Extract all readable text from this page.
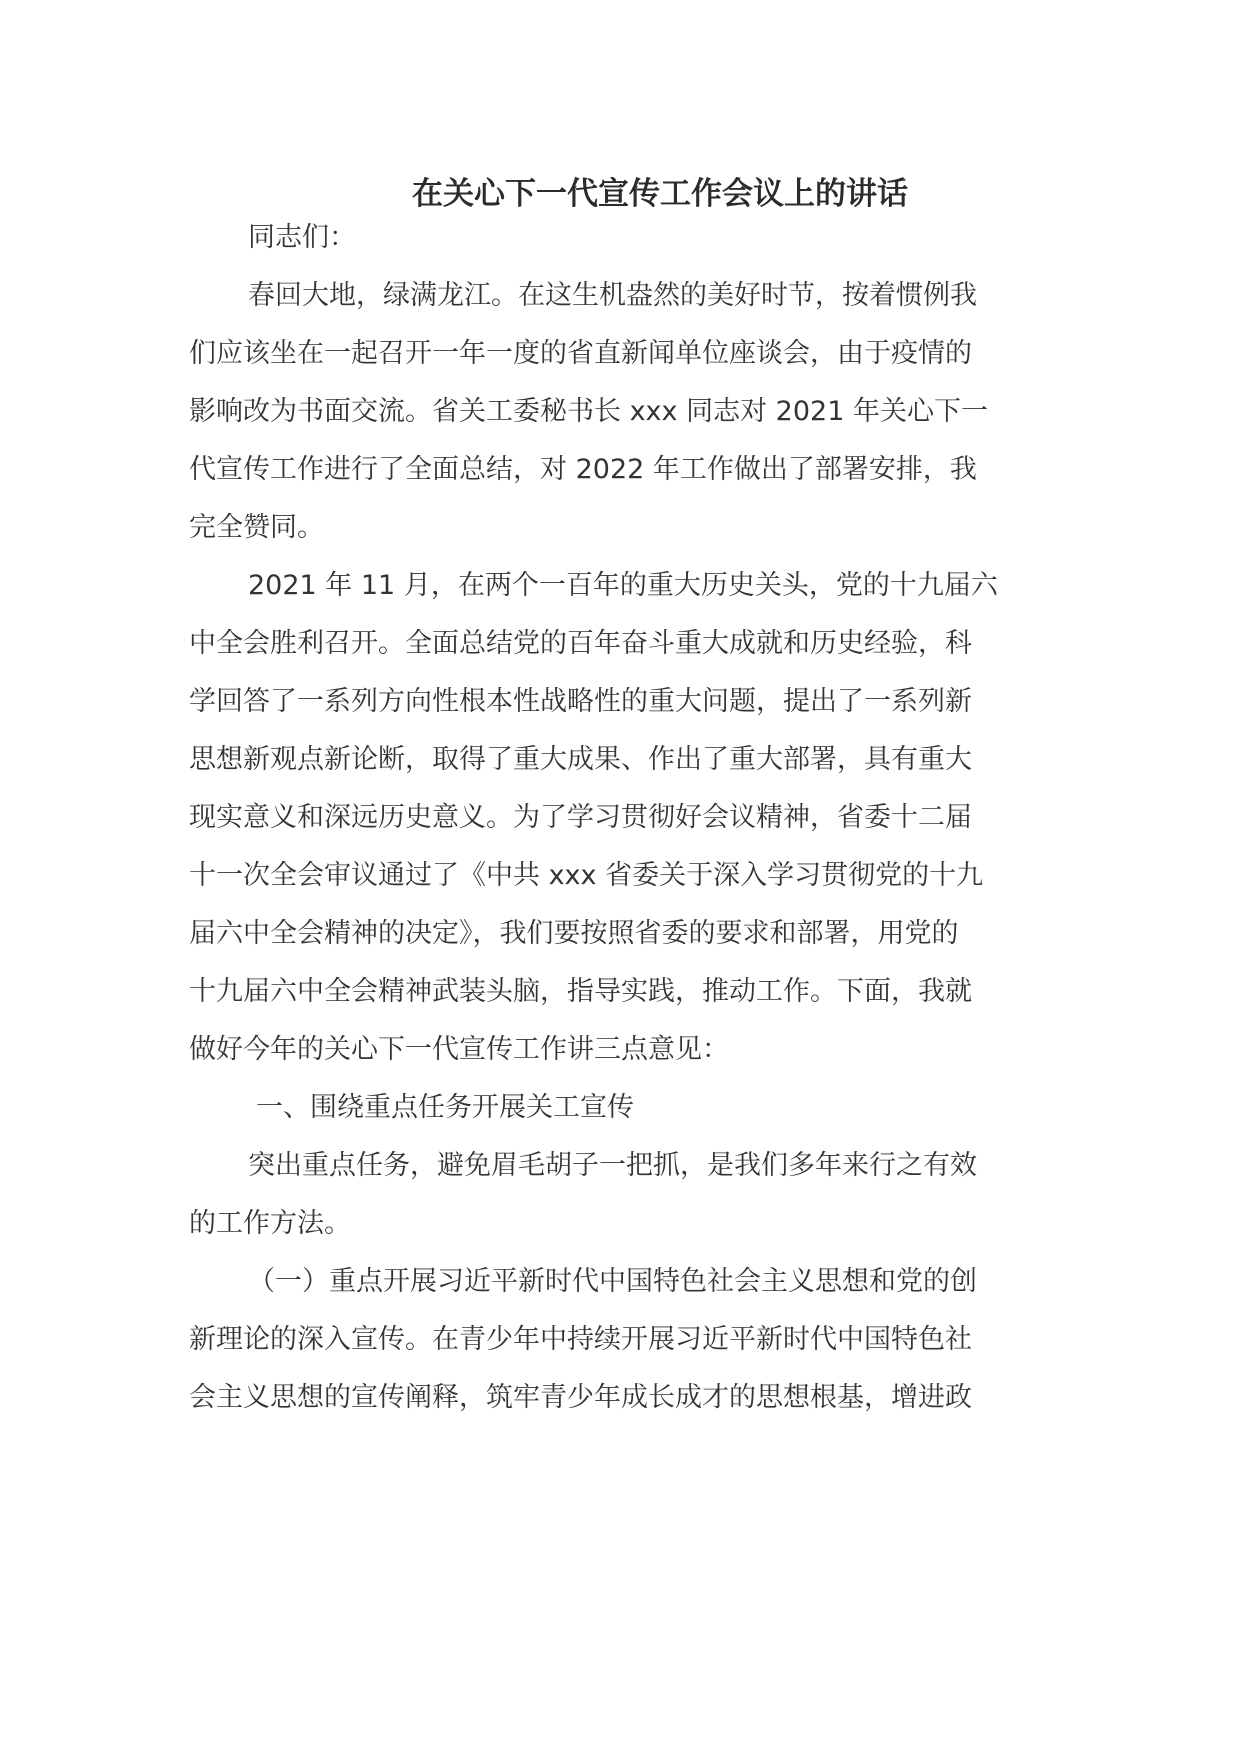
在关心下一代宣传工作会议上的讲话
同志们：
春回大地，绿满龙江。在这生机盎然的美好时节，按着惯例我
们应该坐在一起召开一年一度的省直新闻单位座谈会，由于疫情的
影响改为书面交流。省关工委秘书长 xxx 同志对 2021 年关心下一
代宣传工作进行了全面总结，对 2022 年工作做出了部署安排，我
完全赞同。
2021 年 11 月，在两个一百年的重大历史关头，党的十九届六
中全会胜利召开。全面总结党的百年奋斗重大成就和历史经验，科
学回答了一系列方向性根本性战略性的重大问题，提出了一系列新
思想新观点新论断，取得了重大成果、作出了重大部署，具有重大
现实意义和深远历史意义。为了学习贯彻好会议精神，省委十二届
十一次全会审议通过了《中共 xxx 省委关于深入学习贯彻党的十九
届六中全会精神的决定》，我们要按照省委的要求和部署，用党的
十九届六中全会精神武装头脑，指导实践，推动工作。下面，我就
做好今年的关心下一代宣传工作讲三点意见：
一、围绕重点任务开展关工宣传
突出重点任务，避免眉毛胡子一把抓，是我们多年来行之有效
的工作方法。
（一）重点开展习近平新时代中国特色社会主义思想和党的创
新理论的深入宣传。在青少年中持续开展习近平新时代中国特色社
会主义思想的宣传阐释，筑牢青少年成长成才的思想根基，增进政
